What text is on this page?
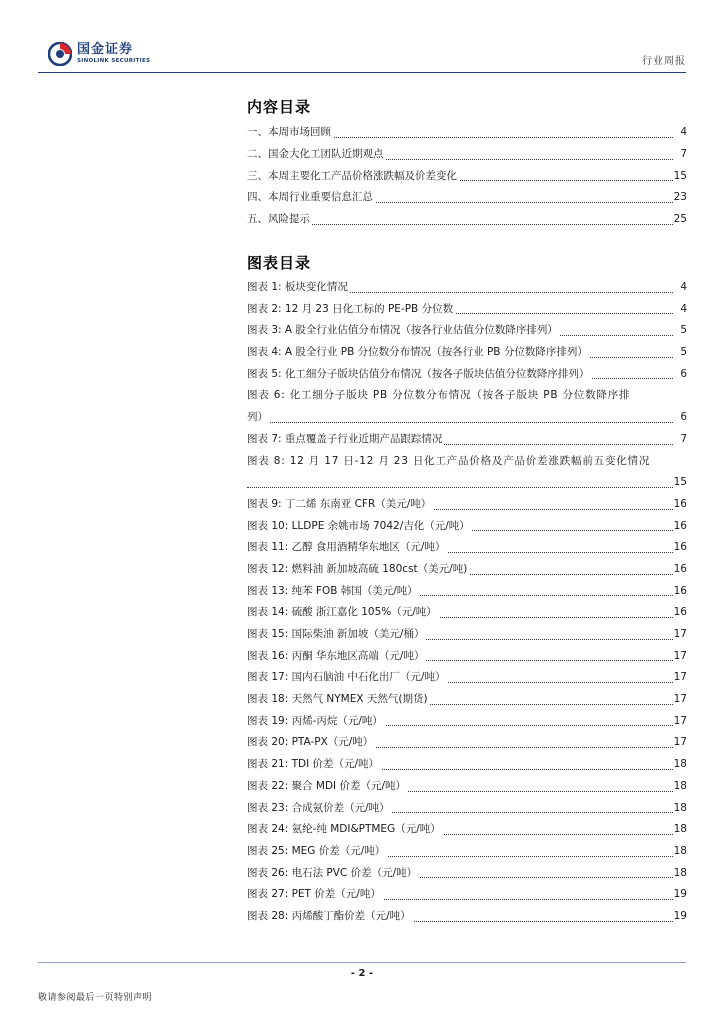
国金证券
SINOLINK SECURITIES	行业周报
内容目录
一、本周市场回顾	4
二、国金大化工团队近期观点	7
三、本周主要化工产品价格涨跌幅及价差变化	15
四、本周行业重要信息汇总	23
五、风险提示	25
图表目录
图表 1: 板块变化情况	4
图表 2: 12 月 23 日化工标的 PE-PB 分位数	4
图表 3: A 股全行业估值分布情况（按各行业估值分位数降序排列）	5
图表 4: A 股全行业 PB 分位数分布情况（按各行业 PB 分位数降序排列）	5
图表 5: 化工细分子版块估值分布情况（按各子版块估值分位数降序排列）	6
图表 6: 化工细分子版块 PB 分位数分布情况（按各子版块 PB 分位数降序排
列）	6
图表 7: 重点覆盖子行业近期产品跟踪情况	7
图表 8: 12 月 17 日-12 月 23 日化工产品价格及产品价差涨跌幅前五变化情况
15
图表 9: 丁二烯 东南亚 CFR（美元/吨）	16
图表 10: LLDPE 余姚市场 7042/吉化（元/吨）	16
图表 11: 乙醇 食用酒精华东地区（元/吨）	16
图表 12: 燃料油 新加坡高硫 180cst（美元/吨)	16
图表 13: 纯苯 FOB 韩国（美元/吨）	16
图表 14: 硫酸 浙江嘉化 105%（元/吨）	16
图表 15: 国际柴油 新加坡（美元/桶）	17
图表 16: 丙酮 华东地区高端（元/吨）	17
图表 17: 国内石脑油 中石化出厂（元/吨）	17
图表 18: 天然气 NYMEX 天然气(期货)	17
图表 19: 丙烯-丙烷（元/吨）	17
图表 20: PTA-PX（元/吨）	17
图表 21: TDI 价差（元/吨）	18
图表 22: 聚合 MDI 价差（元/吨）	18
图表 23: 合成氨价差（元/吨）	18
图表 24: 氨纶-纯 MDI&PTMEG（元/吨）	18
图表 25: MEG 价差（元/吨）	18
图表 26: 电石法 PVC 价差（元/吨）	18
图表 27: PET 价差（元/吨）	19
图表 28: 丙烯酸丁酯价差（元/吨）	19
- 2 -
敬请参阅最后一页特别声明
